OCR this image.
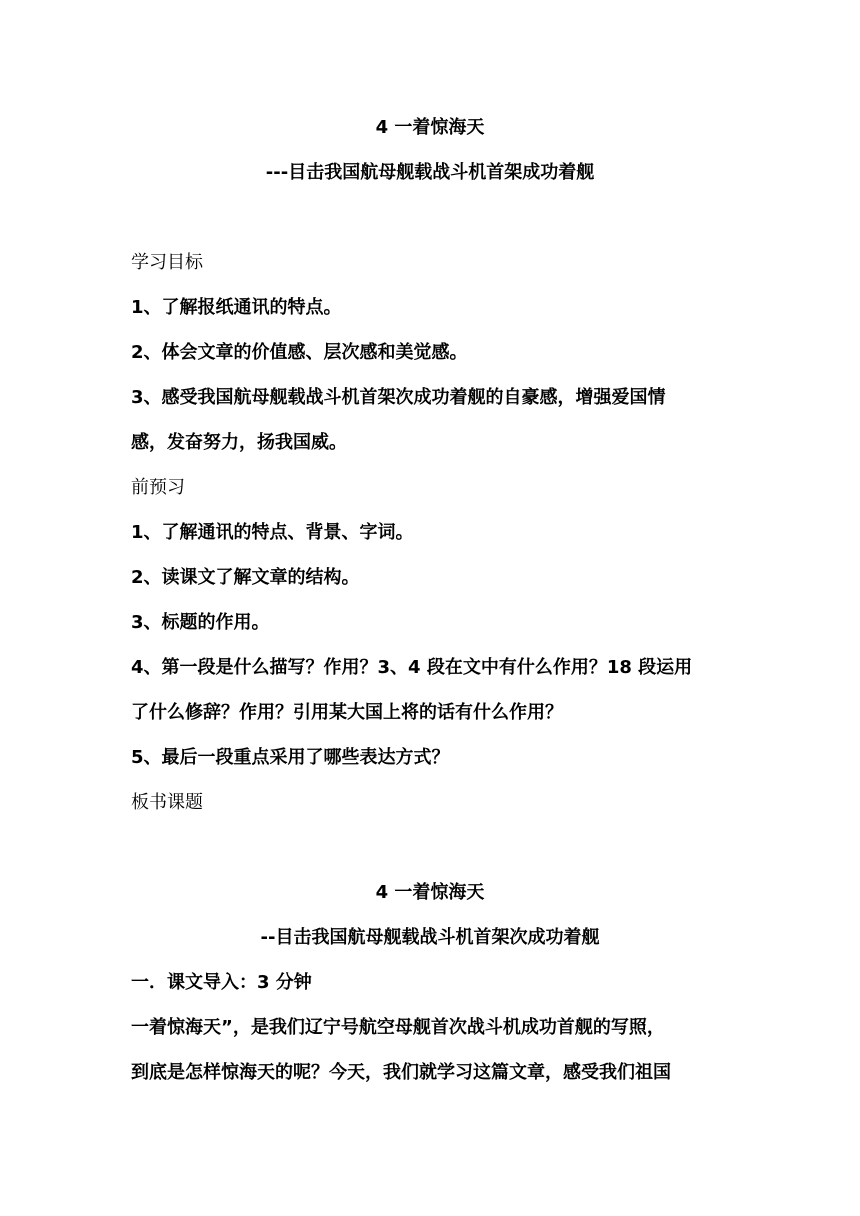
4 一着惊海天
---目击我国航母舰载战斗机首架成功着舰
学习目标
1、了解报纸通讯的特点。
2、体会文章的价值感、层次感和美觉感。
3、感受我国航母舰载战斗机首架次成功着舰的自豪感，增强爱国情
感，发奋努力，扬我国威。
前预习
1、了解通讯的特点、背景、字词。
2、读课文了解文章的结构。
3、标题的作用。
4、第一段是什么描写？作用？3、4 段在文中有什么作用？18 段运用
了什么修辞？作用？引用某大国上将的话有什么作用？
5、最后一段重点采用了哪些表达方式？
板书课题
4 一着惊海天
--目击我国航母舰载战斗机首架次成功着舰
一．课文导入：3 分钟
一着惊海天”，是我们辽宁号航空母舰首次战斗机成功首舰的写照，
到底是怎样惊海天的呢？今天，我们就学习这篇文章，感受我们祖国
